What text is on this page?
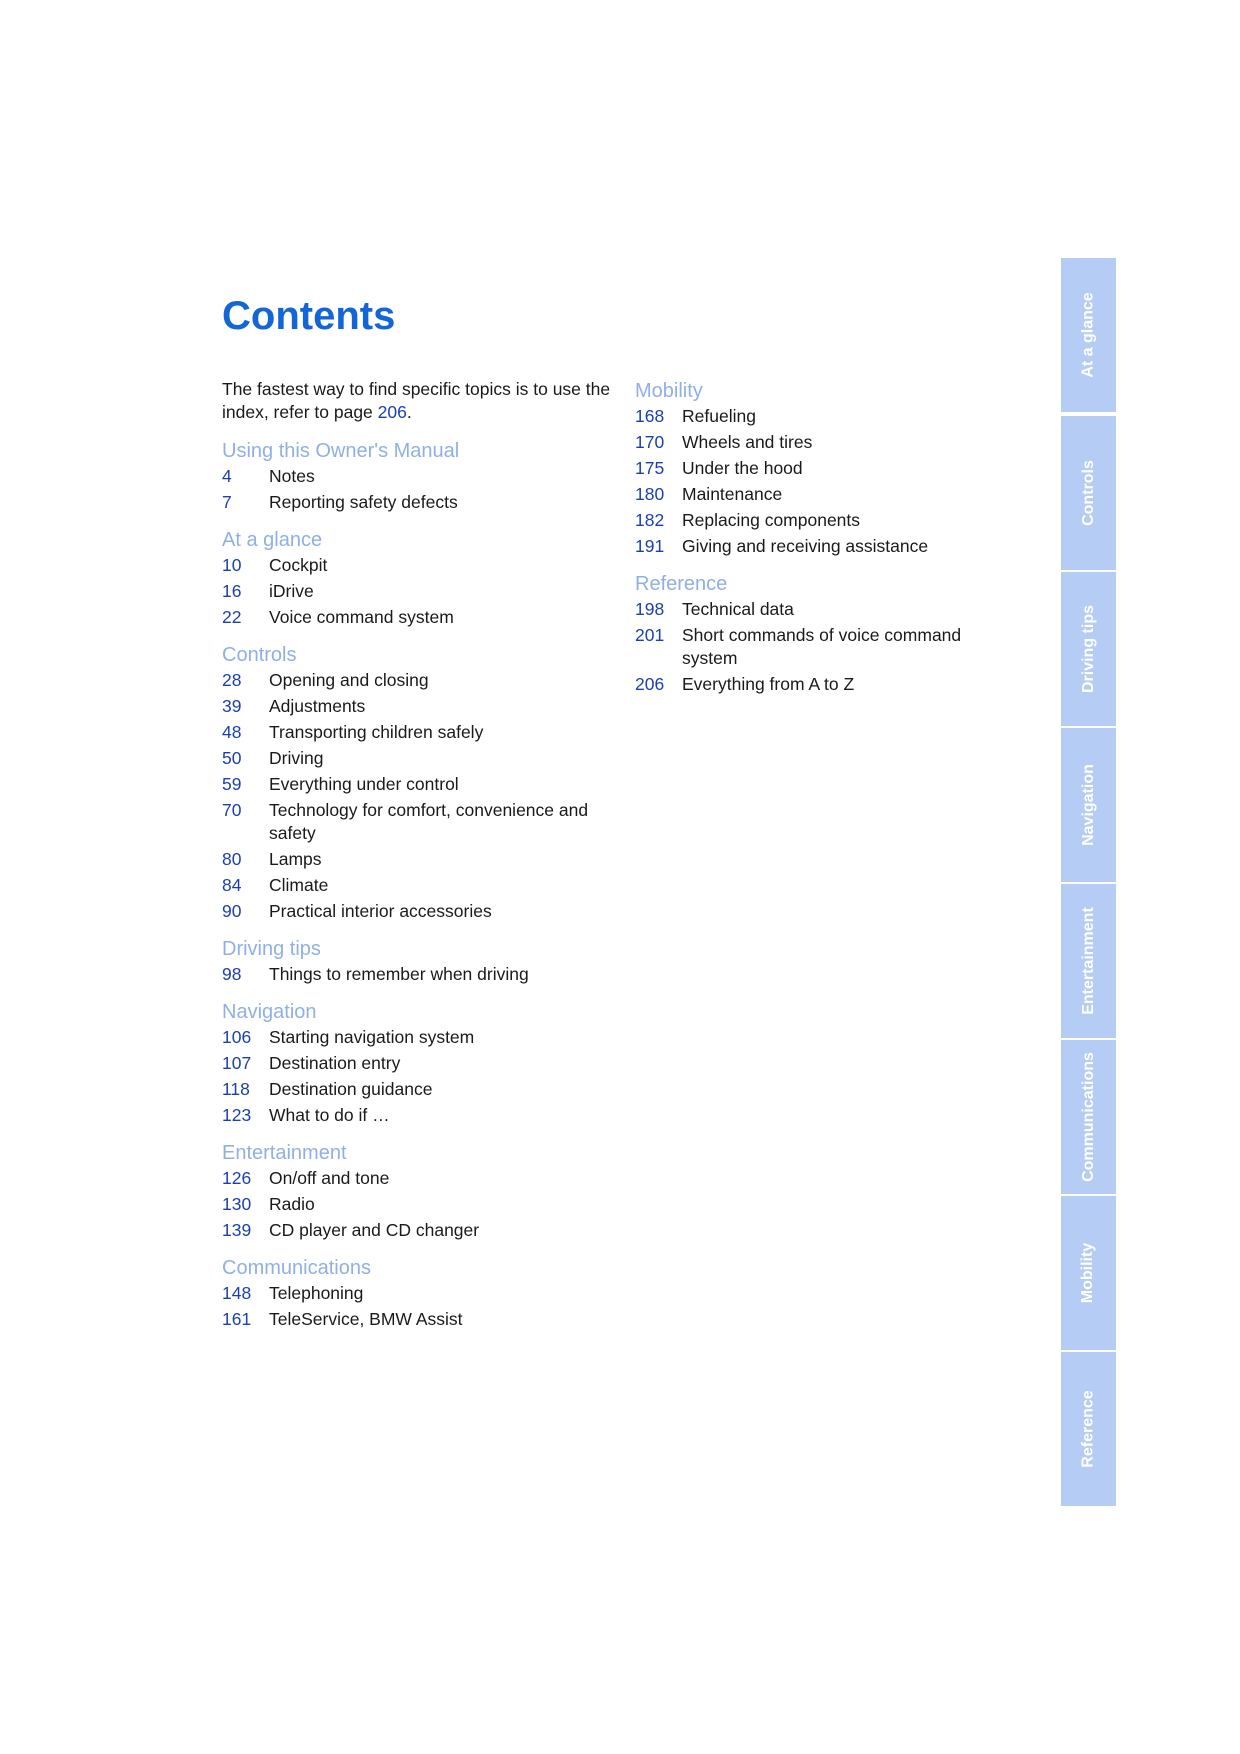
Contents

The fastest way to find specific topics is to use the index, refer to page 206.

Using this Owner's Manual
4	Notes
7	Reporting safety defects
At a glance
10	Cockpit
16	iDrive
22	Voice command system
Controls
28	Opening and closing
39	Adjustments
48	Transporting children safely
50	Driving
59	Everything under control
70	Technology for comfort, convenience and safety
80	Lamps
84	Climate
90	Practical interior accessories
Driving tips
98	Things to remember when driving
Navigation
106	Starting navigation system
107	Destination entry
118	Destination guidance
123	What to do if …
Entertainment
126	On/off and tone
130	Radio
139	CD player and CD changer
Communications
148	Telephoning
161	TeleService, BMW Assist
Mobility
168	Refueling
170	Wheels and tires
175	Under the hood
180	Maintenance
182	Replacing components
191	Giving and receiving assistance
Reference
198	Technical data
201	Short commands of voice command system
206	Everything from A to Z
At a glance
Controls
Driving tips
Navigation
Entertainment
Communications
Mobility
Reference
